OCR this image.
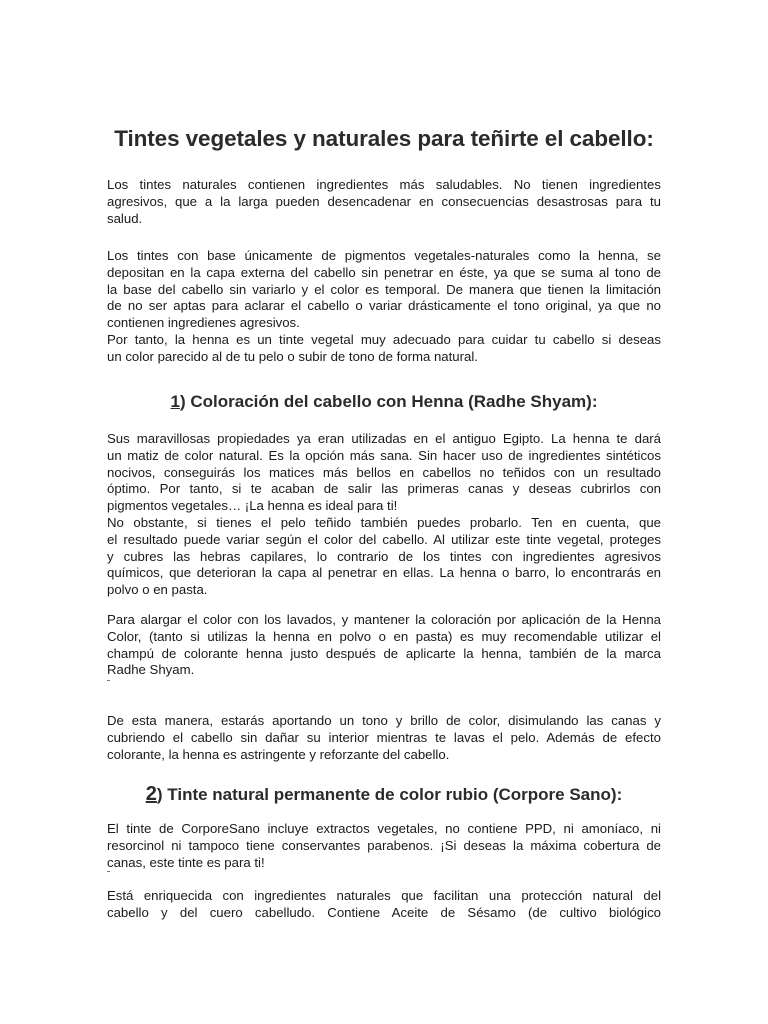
Tintes vegetales y naturales para teñirte el cabello:
Los tintes naturales contienen ingredientes más saludables. No tienen ingredientes
agresivos, que a la larga pueden desencadenar en consecuencias desastrosas para tu
salud.
Los tintes con base únicamente de pigmentos vegetales-naturales como la henna, se
depositan en la capa externa del cabello sin penetrar en éste, ya que se suma al tono de
la base del cabello sin variarlo y el color es temporal. De manera que tienen la limitación
de no ser aptas para aclarar el cabello o variar drásticamente el tono original, ya que no
contienen ingredienes agresivos.
Por tanto, la henna es un tinte vegetal muy adecuado para cuidar tu cabello si deseas
un color parecido al de tu pelo o subir de tono de forma natural.
1) Coloración del cabello con Henna (Radhe Shyam):
Sus maravillosas propiedades ya eran utilizadas en el antiguo Egipto. La henna te dará
un matiz de color natural. Es la opción más sana. Sin hacer uso de ingredientes sintéticos
nocivos, conseguirás los matices más bellos en cabellos no teñidos con un resultado
óptimo. Por tanto, si te acaban de salir las primeras canas y deseas cubrirlos con
pigmentos vegetales… ¡La henna es ideal para ti!
No obstante, si tienes el pelo teñido también puedes probarlo. Ten en cuenta, que
el resultado puede variar según el color del cabello. Al utilizar este tinte vegetal, proteges
y cubres las hebras capilares, lo contrario de los tintes con ingredientes agresivos
químicos, que deterioran la capa al penetrar en ellas. La henna o barro, lo encontrarás en
polvo o en pasta.
Para alargar el color con los lavados, y mantener la coloración por aplicación de la Henna
Color, (tanto si utilizas la henna en polvo o en pasta) es muy recomendable utilizar el
champú de colorante henna justo después de aplicarte la henna, también de la marca
Radhe Shyam.
De esta manera, estarás aportando un tono y brillo de color, disimulando las canas y
cubriendo el cabello sin dañar su interior mientras te lavas el pelo. Además de efecto
colorante, la henna es astringente y reforzante del cabello.
2) Tinte natural permanente de color rubio (Corpore Sano):
El tinte de CorporeSano incluye extractos vegetales, no contiene PPD, ni amoníaco, ni
resorcinol ni tampoco tiene conservantes parabenos. ¡Si deseas la máxima cobertura de
canas, este tinte es para ti!
Está enriquecida con ingredientes naturales que facilitan una protección natural del
cabello y del cuero cabelludo. Contiene Aceite de Sésamo (de cultivo biológico
